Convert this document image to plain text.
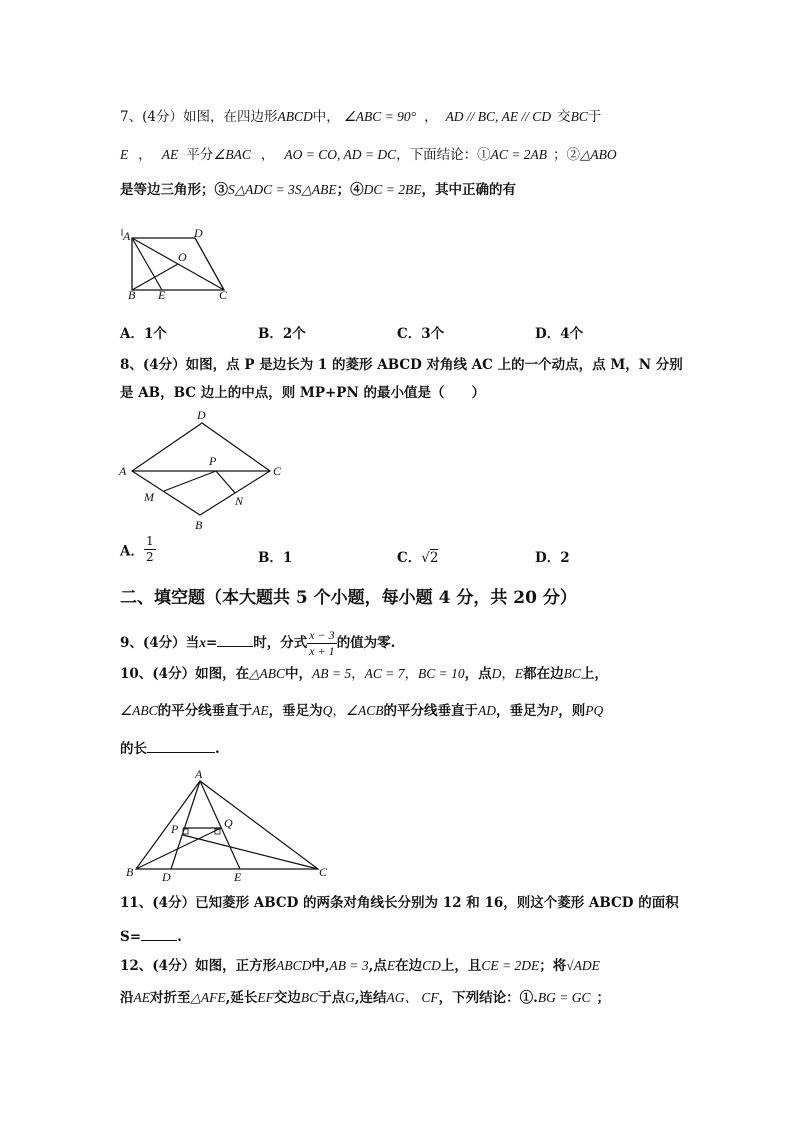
7、(4分）如图，在四边形ABCD中， ∠ABC = 90° ， AD // BC, AE // CD 交BC于
E ， AE 平分∠BAC ， AO = CO, AD = DC，下面结论：①AC = 2AB ；②△ABO
是等边三角形；③S△ADC = 3S△ABE；④DC = 2BE，其中正确的有
A	D
O
B E	C
A．1个	B．2个	C．3个	D．4个
8、(4分）如图，点 P 是边长为 1 的菱形 ABCD 对角线 AC 上的一个动点，点 M，N 分别
是 AB，BC 边上的中点，则 MP+PN 的最小值是（　　）
D
A
P
C
M	N
B
A． $\frac{1}{2}$	B．1	C．√2	D．2
二、填空题（本大题共 5 个小题，每小题 4 分，共 20 分）
9、(4分）当x=	时，分式 $\frac{x - 3}{x + 1}$ 的值为零.
10、(4分）如图，在△ABC中，AB = 5，AC = 7，BC = 10，点D，E都在边BC上，
∠ABC的平分线垂直于AE，垂足为Q，∠ACB的平分线垂直于AD，垂足为P，则PQ
的长	.
A
P	Q
B D	E	C
11、(4分）已知菱形 ABCD 的两条对角线长分别为 12 和 16，则这个菱形 ABCD 的面积
S=	.
12、(4分）如图，正方形ABCD中,AB = 3,点E在边CD上，且CE = 2DE；将√ADE
沿AE对折至△AFE,延长EF交边BC于点G,连结AG、 CF，下列结论：①.BG = GC ；
